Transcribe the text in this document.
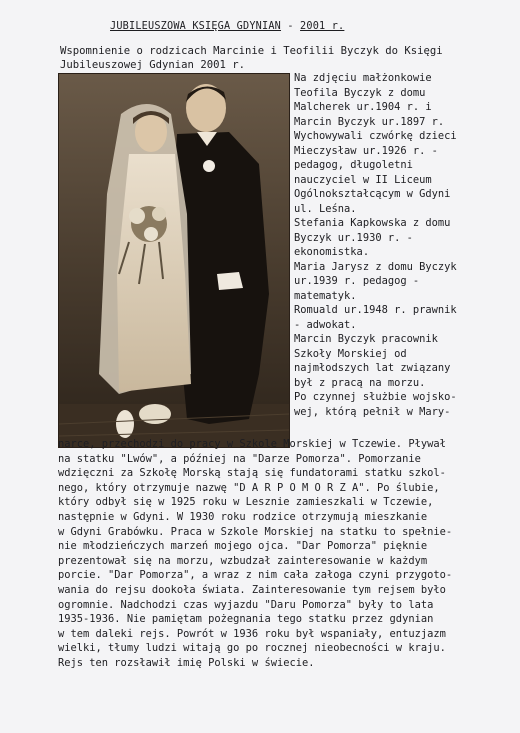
JUBILEUSZOWA KSIĘGA GDYNIAN - 2001 r.
Wspomnienie o rodzicach Marcinie i Teofilii Byczyk do Księgi
Jubileuszowej Gdynian 2001 r.
Na zdjęciu małżonkowie
Teofila Byczyk z domu
Malcherek ur.1904 r. i
Marcin Byczyk ur.1897 r.
Wychowywali czwórkę dzieci
Mieczysław ur.1926 r. -
pedagog, długoletni
nauczyciel w II Liceum
Ogólnokształcącym w Gdyni
ul. Leśna.
Stefania Kapkowska z domu
Byczyk ur.1930 r. -
ekonomistka.
Maria Jarysz z domu Byczyk
ur.1939 r. pedagog -
matematyk.
Romuald ur.1948 r. prawnik
- adwokat.
Marcin Byczyk pracownik
Szkoły Morskiej od
najmłodszych lat związany
był z pracą na morzu.
Po czynnej służbie wojsko-
wej, którą pełnił w Mary-
narce, przechodzi do pracy w Szkole Morskiej w Tczewie. Pływał
na statku "Lwów", a później na "Darze Pomorza". Pomorzanie
wdzięczni za Szkołę Morską stają się fundatorami statku szkol-
nego, który otrzymuje nazwę "D A R P O M O R Z A". Po ślubie,
który odbył się w 1925 roku w Lesznie zamieszkali w Tczewie,
następnie w Gdyni. W 1930 roku rodzice otrzymują mieszkanie
w Gdyni Grabówku. Praca w Szkole Morskiej na statku to spełnie-
nie młodzieńczych marzeń mojego ojca. "Dar Pomorza" pięknie
prezentował się na morzu, wzbudzał zainteresowanie w każdym
porcie. "Dar Pomorza", a wraz z nim cała załoga czyni przygoto-
wania do rejsu dookoła świata. Zainteresowanie tym rejsem było
ogromnie. Nadchodzi czas wyjazdu "Daru Pomorza" były to lata
1935-1936. Nie pamiętam pożegnania tego statku przez gdynian
w tem dalekі rejs. Powrót w 1936 roku był wspaniały, entuzjazm
wielki, tłumy ludzi witają go po rocznej nieobecności w kraju.
Rejs ten rozsławił imię Polski w świecie.
